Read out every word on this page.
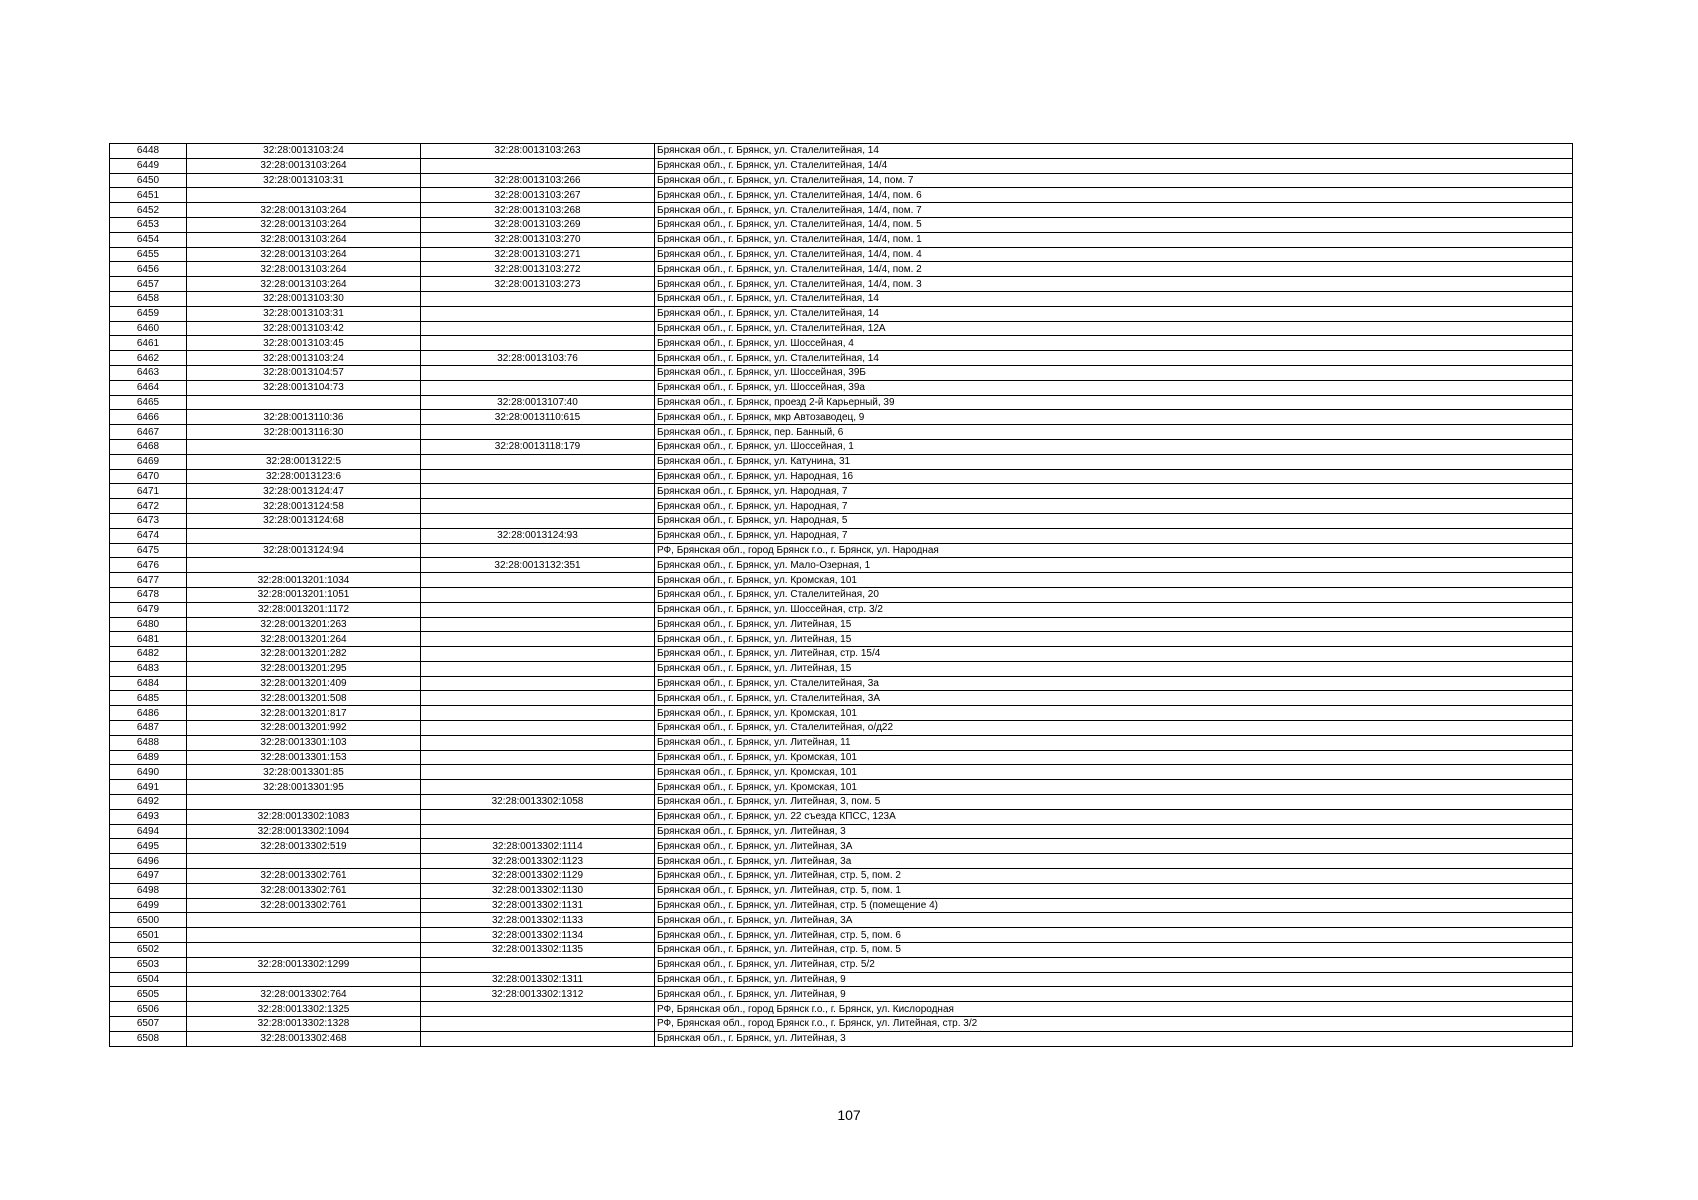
6448	32:28:0013103:24	32:28:0013103:263	Брянская обл., г. Брянск, ул. Сталелитейная, 14
6449	32:28:0013103:264		Брянская обл., г. Брянск, ул. Сталелитейная, 14/4
6450	32:28:0013103:31	32:28:0013103:266	Брянская обл., г. Брянск, ул. Сталелитейная, 14, пом. 7
6451		32:28:0013103:267	Брянская обл., г. Брянск, ул. Сталелитейная, 14/4, пом. 6
6452	32:28:0013103:264	32:28:0013103:268	Брянская обл., г. Брянск, ул. Сталелитейная, 14/4, пом. 7
6453	32:28:0013103:264	32:28:0013103:269	Брянская обл., г. Брянск, ул. Сталелитейная, 14/4, пом. 5
6454	32:28:0013103:264	32:28:0013103:270	Брянская обл., г. Брянск, ул. Сталелитейная, 14/4, пом. 1
6455	32:28:0013103:264	32:28:0013103:271	Брянская обл., г. Брянск, ул. Сталелитейная, 14/4, пом. 4
6456	32:28:0013103:264	32:28:0013103:272	Брянская обл., г. Брянск, ул. Сталелитейная, 14/4, пом. 2
6457	32:28:0013103:264	32:28:0013103:273	Брянская обл., г. Брянск, ул. Сталелитейная, 14/4, пом. 3
6458	32:28:0013103:30		Брянская обл., г. Брянск, ул. Сталелитейная, 14
6459	32:28:0013103:31		Брянская обл., г. Брянск, ул. Сталелитейная, 14
6460	32:28:0013103:42		Брянская обл., г. Брянск, ул. Сталелитейная, 12А
6461	32:28:0013103:45		Брянская обл., г. Брянск, ул. Шоссейная, 4
6462	32:28:0013103:24	32:28:0013103:76	Брянская обл., г. Брянск, ул. Сталелитейная, 14
6463	32:28:0013104:57		Брянская обл., г. Брянск, ул. Шоссейная, 39Б
6464	32:28:0013104:73		Брянская обл., г. Брянск, ул. Шоссейная, 39а
6465		32:28:0013107:40	Брянская обл., г. Брянск, проезд 2-й Карьерный, 39
6466	32:28:0013110:36	32:28:0013110:615	Брянская обл., г. Брянск, мкр Автозаводец, 9
6467	32:28:0013116:30		Брянская обл., г. Брянск, пер. Банный, 6
6468		32:28:0013118:179	Брянская обл., г. Брянск, ул. Шоссейная, 1
6469	32:28:0013122:5		Брянская обл., г. Брянск, ул. Катунина, 31
6470	32:28:0013123:6		Брянская обл., г. Брянск, ул. Народная, 16
6471	32:28:0013124:47		Брянская обл., г. Брянск, ул. Народная, 7
6472	32:28:0013124:58		Брянская обл., г. Брянск, ул. Народная, 7
6473	32:28:0013124:68		Брянская обл., г. Брянск, ул. Народная, 5
6474		32:28:0013124:93	Брянская обл., г. Брянск, ул. Народная, 7
6475	32:28:0013124:94		РФ, Брянская обл., город Брянск г.о., г. Брянск, ул. Народная
6476		32:28:0013132:351	Брянская обл., г. Брянск, ул. Мало-Озерная, 1
6477	32:28:0013201:1034		Брянская обл., г. Брянск, ул. Кромская, 101
6478	32:28:0013201:1051		Брянская обл., г. Брянск, ул. Сталелитейная, 20
6479	32:28:0013201:1172		Брянская обл., г. Брянск, ул. Шоссейная, стр. 3/2
6480	32:28:0013201:263		Брянская обл., г. Брянск, ул. Литейная, 15
6481	32:28:0013201:264		Брянская обл., г. Брянск, ул. Литейная, 15
6482	32:28:0013201:282		Брянская обл., г. Брянск, ул. Литейная, стр. 15/4
6483	32:28:0013201:295		Брянская обл., г. Брянск, ул. Литейная, 15
6484	32:28:0013201:409		Брянская обл., г. Брянск, ул. Сталелитейная, 3а
6485	32:28:0013201:508		Брянская обл., г. Брянск, ул. Сталелитейная, 3А
6486	32:28:0013201:817		Брянская обл., г. Брянск, ул. Кромская, 101
6487	32:28:0013201:992		Брянская обл., г. Брянск, ул. Сталелитейная, о/д22
6488	32:28:0013301:103		Брянская обл., г. Брянск, ул. Литейная, 11
6489	32:28:0013301:153		Брянская обл., г. Брянск, ул. Кромская, 101
6490	32:28:0013301:85		Брянская обл., г. Брянск, ул. Кромская, 101
6491	32:28:0013301:95		Брянская обл., г. Брянск, ул. Кромская, 101
6492		32:28:0013302:1058	Брянская обл., г. Брянск, ул. Литейная, 3, пом. 5
6493	32:28:0013302:1083		Брянская обл., г. Брянск, ул. 22 съезда КПСС, 123А
6494	32:28:0013302:1094		Брянская обл., г. Брянск, ул. Литейная, 3
6495	32:28:0013302:519	32:28:0013302:1114	Брянская обл., г. Брянск, ул. Литейная, 3А
6496		32:28:0013302:1123	Брянская обл., г. Брянск, ул. Литейная, 3а
6497	32:28:0013302:761	32:28:0013302:1129	Брянская обл., г. Брянск, ул. Литейная, стр. 5, пом. 2
6498	32:28:0013302:761	32:28:0013302:1130	Брянская обл., г. Брянск, ул. Литейная, стр. 5, пом. 1
6499	32:28:0013302:761	32:28:0013302:1131	Брянская обл., г. Брянск, ул. Литейная, стр. 5 (помещение 4)
6500		32:28:0013302:1133	Брянская обл., г. Брянск, ул. Литейная, 3А
6501		32:28:0013302:1134	Брянская обл., г. Брянск, ул. Литейная, стр. 5, пом. 6
6502		32:28:0013302:1135	Брянская обл., г. Брянск, ул. Литейная, стр. 5, пом. 5
6503	32:28:0013302:1299		Брянская обл., г. Брянск, ул. Литейная, стр. 5/2
6504		32:28:0013302:1311	Брянская обл., г. Брянск, ул. Литейная, 9
6505	32:28:0013302:764	32:28:0013302:1312	Брянская обл., г. Брянск, ул. Литейная, 9
6506	32:28:0013302:1325		РФ, Брянская обл., город Брянск г.о., г. Брянск, ул. Кислородная
6507	32:28:0013302:1328		РФ, Брянская обл., город Брянск г.о., г. Брянск, ул. Литейная, стр. 3/2
6508	32:28:0013302:468		Брянская обл., г. Брянск, ул. Литейная, 3
107
